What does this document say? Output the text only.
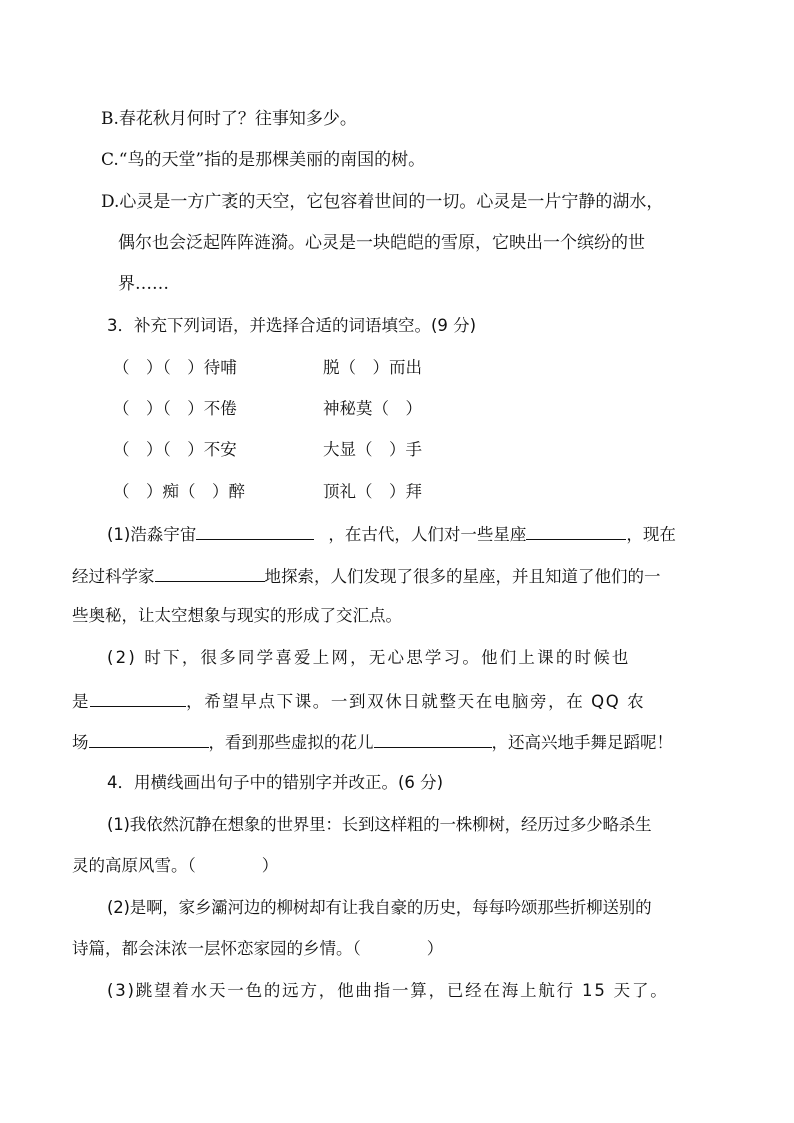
B.春花秋月何时了？往事知多少。
C.“鸟的天堂”指的是那棵美丽的南国的树。
D.心灵是一方广袤的天空，它包容着世间的一切。心灵是一片宁静的湖水，
偶尔也会泛起阵阵涟漪。心灵是一块皑皑的雪原，它映出一个缤纷的世
界……
3．补充下列词语，并选择合适的词语填空。(9 分)
（　）（　）待哺	脱（　）而出
（　）（　）不倦	神秘莫（　）
（　）（　）不安	大显（　）手
（　）痴（　）醉	顶礼（　）拜
(1)浩淼宇宙	，在古代，人们对一些星座	，现在
经过科学家	地探索，人们发现了很多的星座，并且知道了他们的一
些奥秘，让太空想象与现实的形成了交汇点。
(2) 时下，很多同学喜爱上网，无心思学习。他们上课的时候也
是	，希望早点下课。一到双休日就整天在电脑旁，在 QQ 农
场	，看到那些虚拟的花儿	，还高兴地手舞足蹈呢！
4．用横线画出句子中的错别字并改正。(6 分)
(1)我依然沉静在想象的世界里：长到这样粗的一株柳树，经历过多少略杀生
灵的高原风雪。（　　　　）
(2)是啊，家乡灞河边的柳树却有让我自豪的历史，每每吟颂那些折柳送别的
诗篇，都会沫浓一层怀恋家园的乡情。（　　　　）
(3)跳望着水天一色的远方，他曲指一算，已经在海上航行 15 天了。
